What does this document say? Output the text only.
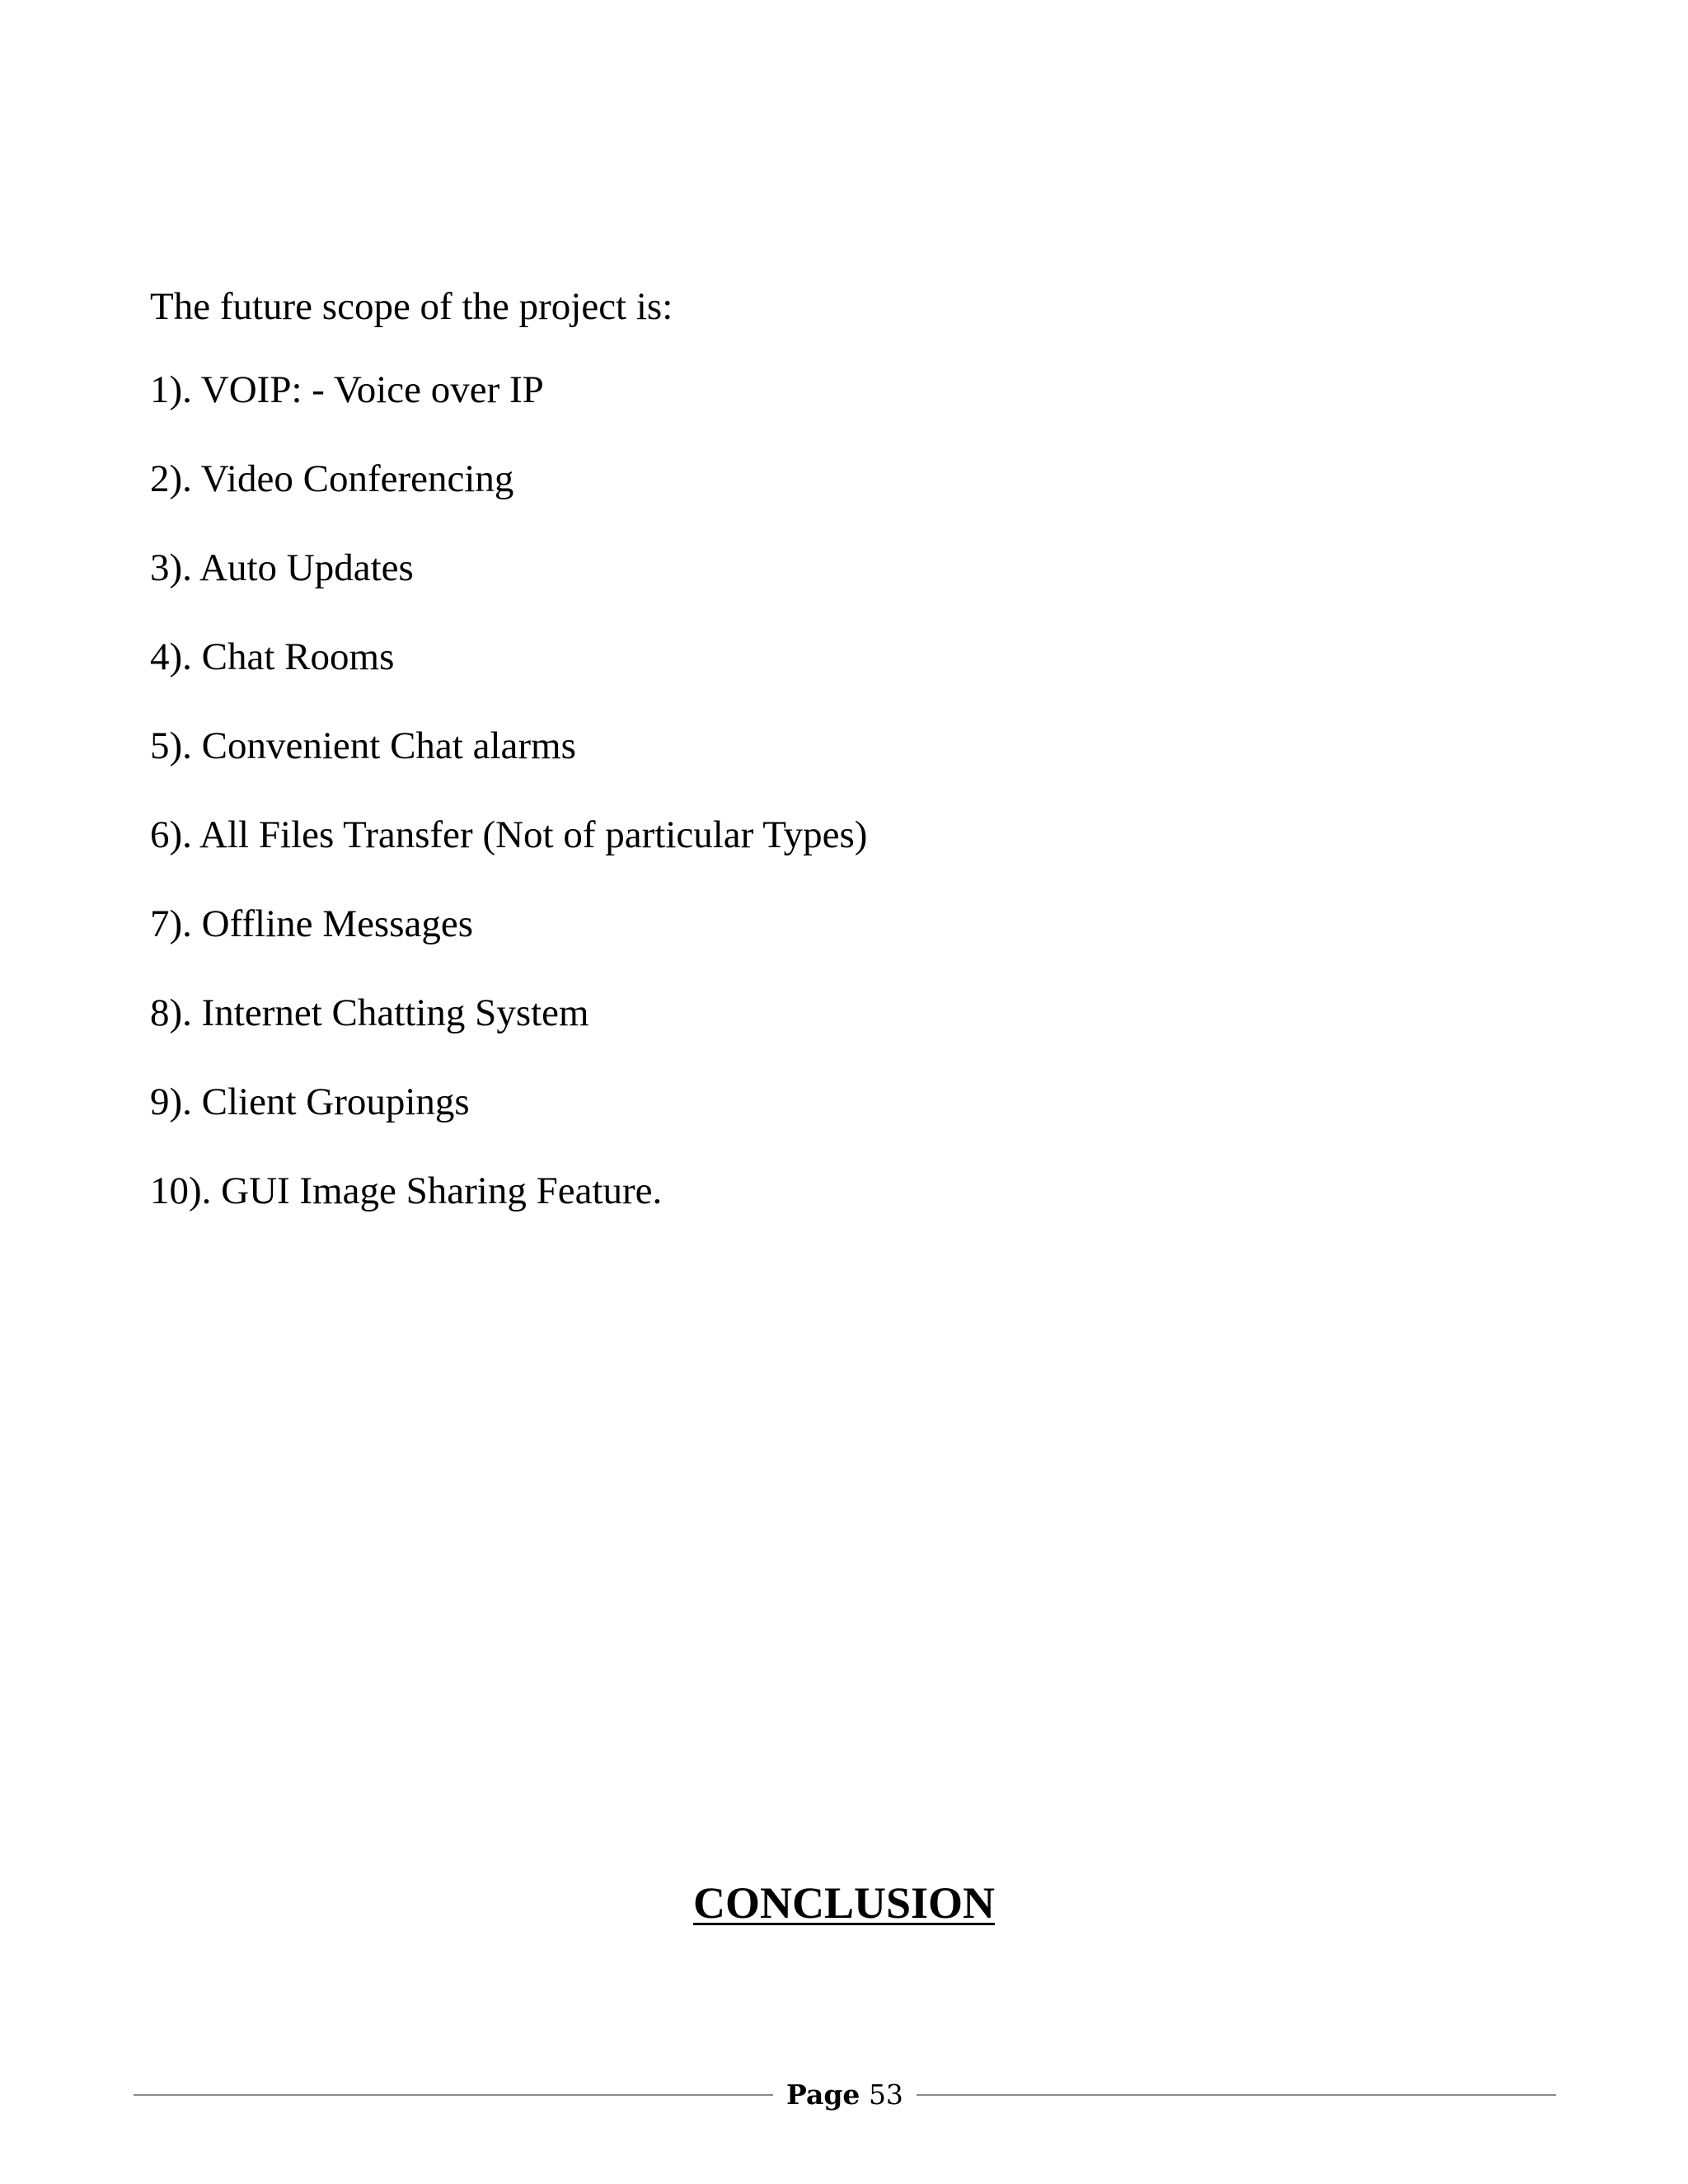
The future scope of the project is:

1). VOIP: - Voice over IP
2). Video Conferencing
3). Auto Updates
4). Chat Rooms
5). Convenient Chat alarms
6). All Files Transfer (Not of particular Types)
7). Offline Messages
8). Internet Chatting System
9). Client Groupings
10). GUI Image Sharing Feature.
CONCLUSION
Page 53
